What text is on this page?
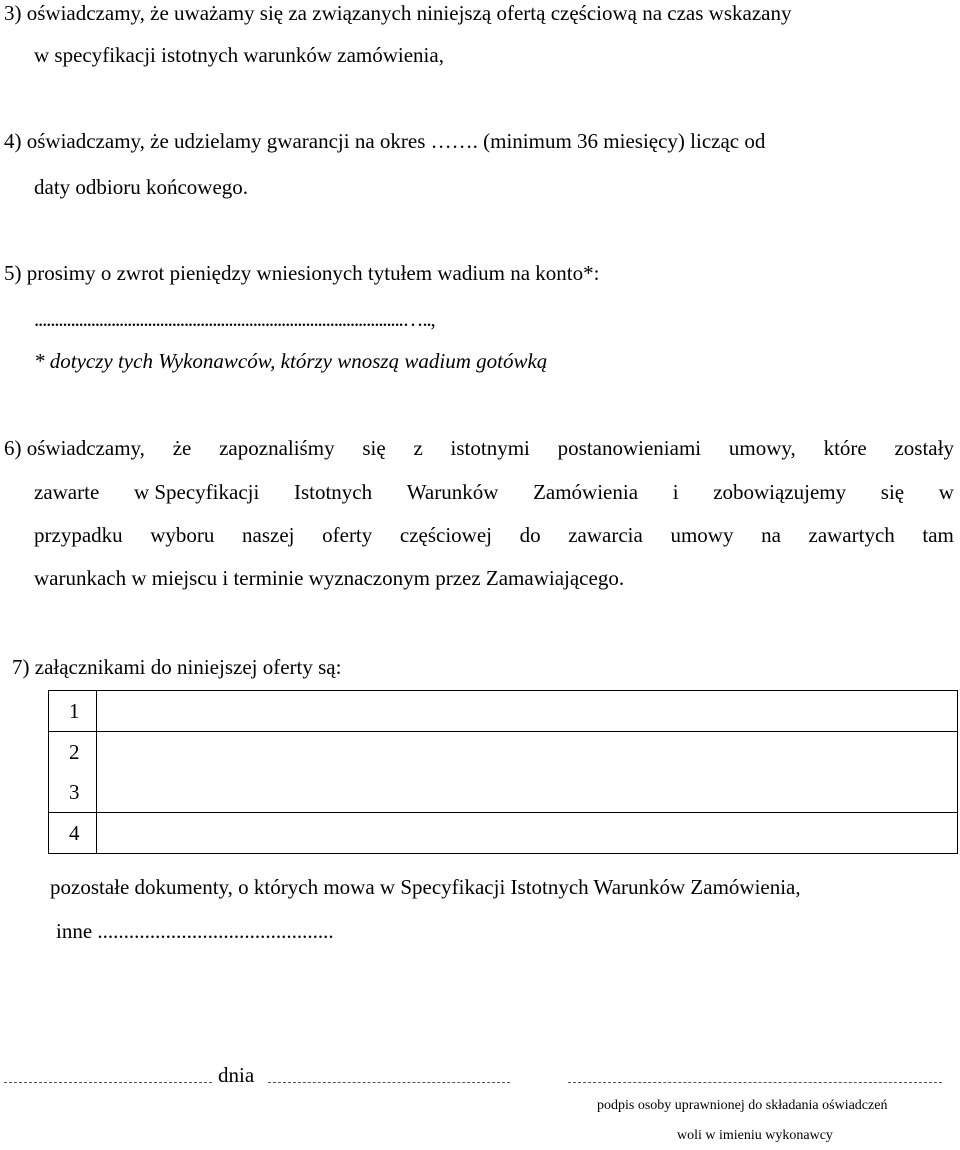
3) oświadczamy, że uważamy się za związanych niniejszą ofertą częściową na czas wskazany
w specyfikacji istotnych warunków zamówienia,
4) oświadczamy, że udzielamy gwarancji na okres ……. (minimum 36 miesięcy) licząc od
daty odbioru końcowego.
5) prosimy o zwrot pieniędzy wniesionych tytułem wadium na konto*:
...........................................................................................…..,
* dotyczy tych Wykonawców, którzy wnoszą wadium gotówką
6) oświadczamy, że zapoznaliśmy się z istotnymi postanowieniami umowy, które zostały
zawarte w Specyfikacji Istotnych Warunków Zamówienia i zobowiązujemy się w
przypadku wyboru naszej oferty częściowej do zawarcia umowy na zawartych tam
warunkach w miejscu i terminie wyznaczonym przez Zamawiającego.
7) załącznikami do niniejszej oferty są:
1	
2	
3	
4	
pozostałe dokumenty, o których mowa w Specyfikacji Istotnych Warunków Zamówienia,
inne .............................................
dnia
podpis osoby uprawnionej do składania oświadczeń
woli w imieniu wykonawcy
